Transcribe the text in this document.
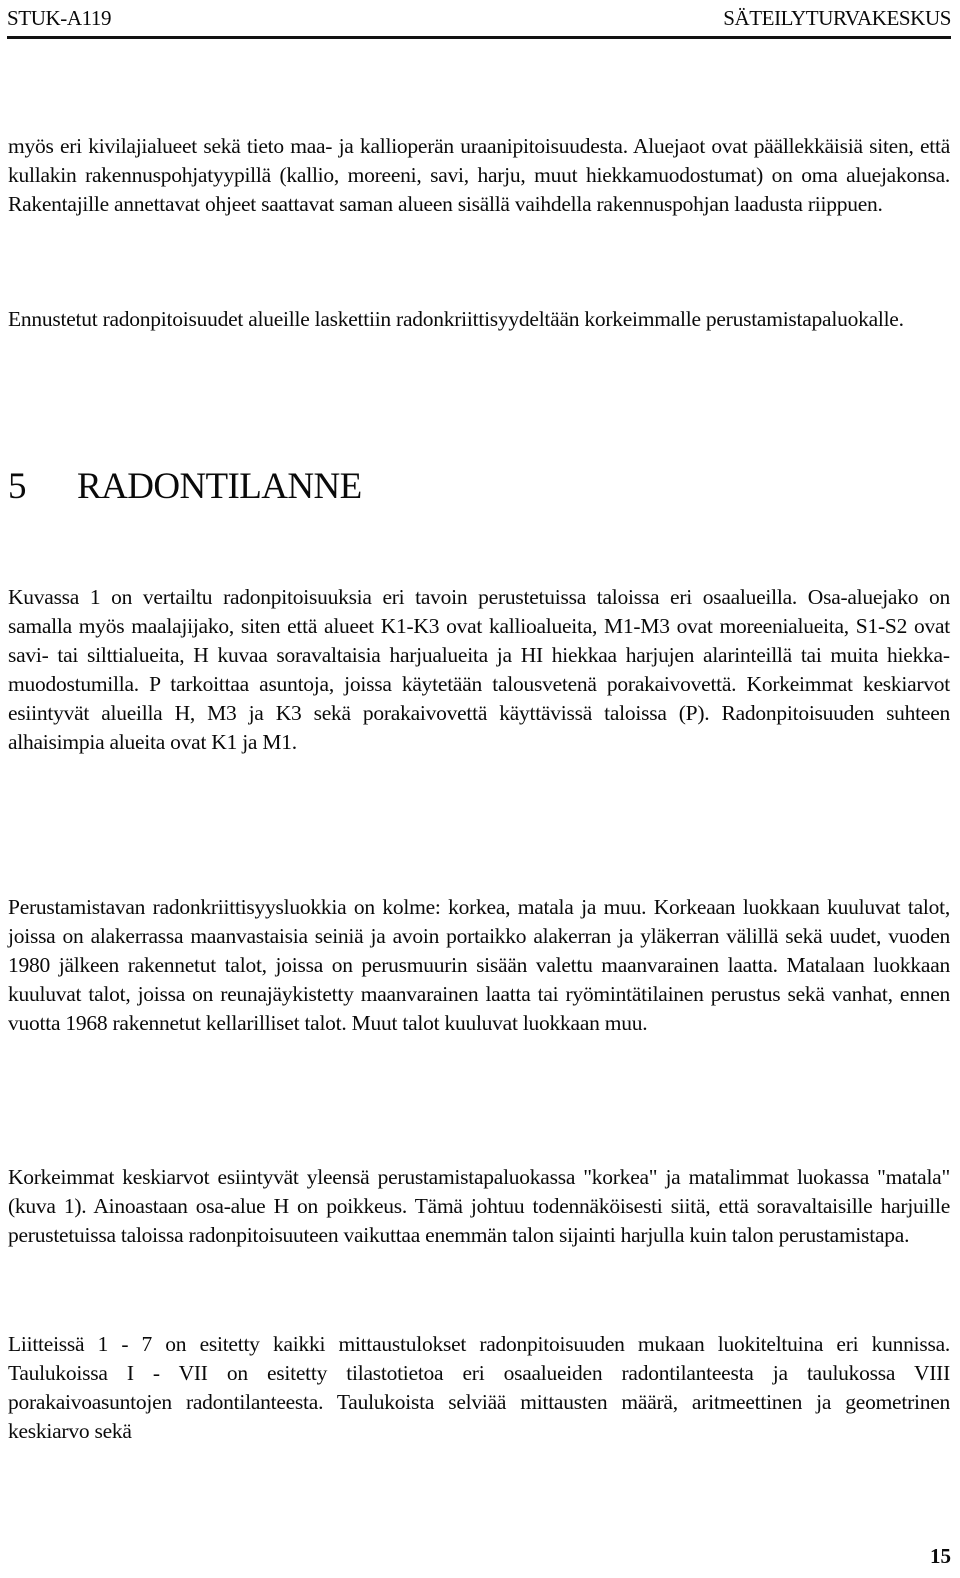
STUK-A119	SÄTEILYTURVAKESKUS
myös eri kivilajialueet sekä tieto maa- ja kallioperän uraanipitoisuudesta. Aluejaot ovat päällekkäisiä siten, että kullakin rakennuspohjatyypillä (kallio, moreeni, savi, harju, muut hiekkamuodostumat) on oma aluejakonsa. Rakentajille annettavat ohjeet saattavat saman alueen sisällä vaihdella rakennuspohjan laadusta riippuen.
Ennustetut radonpitoisuudet alueille laskettiin radonkriittisyydeltään korkeimmalle perustamistapaluokalle.
5 RADONTILANNE
Kuvassa 1 on vertailtu radonpitoisuuksia eri tavoin perustetuissa taloissa eri osaalueilla. Osa-aluejako on samalla myös maalajijako, siten että alueet K1-K3 ovat kallioalueita, M1-M3 ovat moreenialueita, S1-S2 ovat savi- tai silttialueita, H kuvaa soravaltaisia harjualueita ja HI hiekkaa harjujen alarinteillä tai muita hiekkamuodostumilla. P tarkoittaa asuntoja, joissa käytetään talousvetenä porakaivovettä. Korkeimmat keskiarvot esiintyvät alueilla H, M3 ja K3 sekä porakaivovettä käyttävissä taloissa (P). Radonpitoisuuden suhteen alhaisimpia alueita ovat K1 ja M1.
Perustamistavan radonkriittisyysluokkia on kolme: korkea, matala ja muu. Korkeaan luokkaan kuuluvat talot, joissa on alakerrassa maanvastaisia seiniä ja avoin portaikko alakerran ja yläkerran välillä sekä uudet, vuoden 1980 jälkeen rakennetut talot, joissa on perusmuurin sisään valettu maanvarainen laatta. Matalaan luokkaan kuuluvat talot, joissa on reunajäykistetty maanvarainen laatta tai ryömintätilainen perustus sekä vanhat, ennen vuotta 1968 rakennetut kellarilliset talot. Muut talot kuuluvat luokkaan muu.
Korkeimmat keskiarvot esiintyvät yleensä perustamistapaluokassa "korkea" ja matalimmat luokassa "matala" (kuva 1). Ainoastaan osa-alue H on poikkeus. Tämä johtuu todennäköisesti siitä, että soravaltaisille harjuille perustetuissa taloissa radonpitoisuuteen vaikuttaa enemmän talon sijainti harjulla kuin talon perustamistapa.
Liitteissä 1 - 7 on esitetty kaikki mittaustulokset radonpitoisuuden mukaan luokiteltuina eri kunnissa. Taulukoissa I - VII on esitetty tilastotietoa eri osaalueiden radontilanteesta ja taulukossa VIII porakaivoasuntojen radontilanteesta. Taulukoista selviää mittausten määrä, aritmeettinen ja geometrinen keskiarvo sekä
15
